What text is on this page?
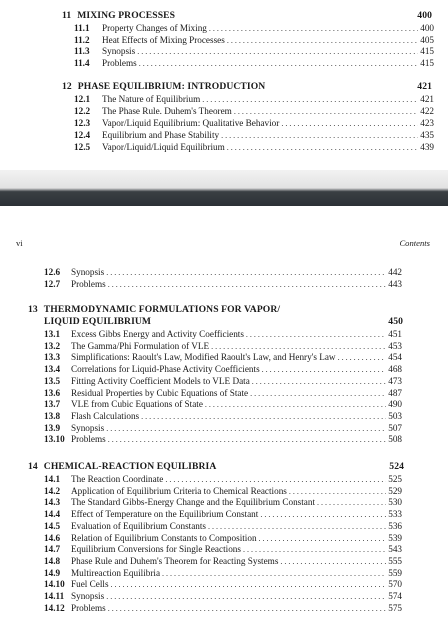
vi	Contents
11 MIXING PROCESSES	400
11.1	Property Changes of Mixing . . .	400
11.2	Heat Effects of Mixing Processes . . .	405
11.3	Synopsis . . .	415
11.4	Problems . . .	415
12 PHASE EQUILIBRIUM: INTRODUCTION	421
12.1	The Nature of Equilibrium . . .	421
12.2	The Phase Rule. Duhem's Theorem . . .	422
12.3	Vapor/Liquid Equilibrium: Qualitative Behavior . . .	423
12.4	Equilibrium and Phase Stability . . .	435
12.5	Vapor/Liquid/Liquid Equilibrium . . .	439
12.6	Synopsis . . .	442
12.7	Problems . . .	443
13 THERMODYNAMIC FORMULATIONS FOR VAPOR/
LIQUID EQUILIBRIUM	450
13.1	Excess Gibbs Energy and Activity Coefficients . . .	451
13.2	The Gamma/Phi Formulation of VLE . . .	453
13.3	Simplifications: Raoult's Law, Modified Raoult's Law, and Henry's Law . . .	454
13.4	Correlations for Liquid-Phase Activity Coefficients . . .	468
13.5	Fitting Activity Coefficient Models to VLE Data . . .	473
13.6	Residual Properties by Cubic Equations of State . . .	487
13.7	VLE from Cubic Equations of State . . .	490
13.8	Flash Calculations . . .	503
13.9	Synopsis . . .	507
13.10 Problems . . .	508
14 CHEMICAL-REACTION EQUILIBRIA	524
14.1	The Reaction Coordinate . . .	525
14.2	Application of Equilibrium Criteria to Chemical Reactions . . .	529
14.3	The Standard Gibbs-Energy Change and the Equilibrium Constant . . .	530
14.4	Effect of Temperature on the Equilibrium Constant . . .	533
14.5	Evaluation of Equilibrium Constants . . .	536
14.6	Relation of Equilibrium Constants to Composition . . .	539
14.7	Equilibrium Conversions for Single Reactions . . .	543
14.8	Phase Rule and Duhem's Theorem for Reacting Systems . . .	555
14.9	Multireaction Equilibria . . .	559
14.10 Fuel Cells . . .	570
14.11 Synopsis . . .	574
14.12 Problems . . .	575
